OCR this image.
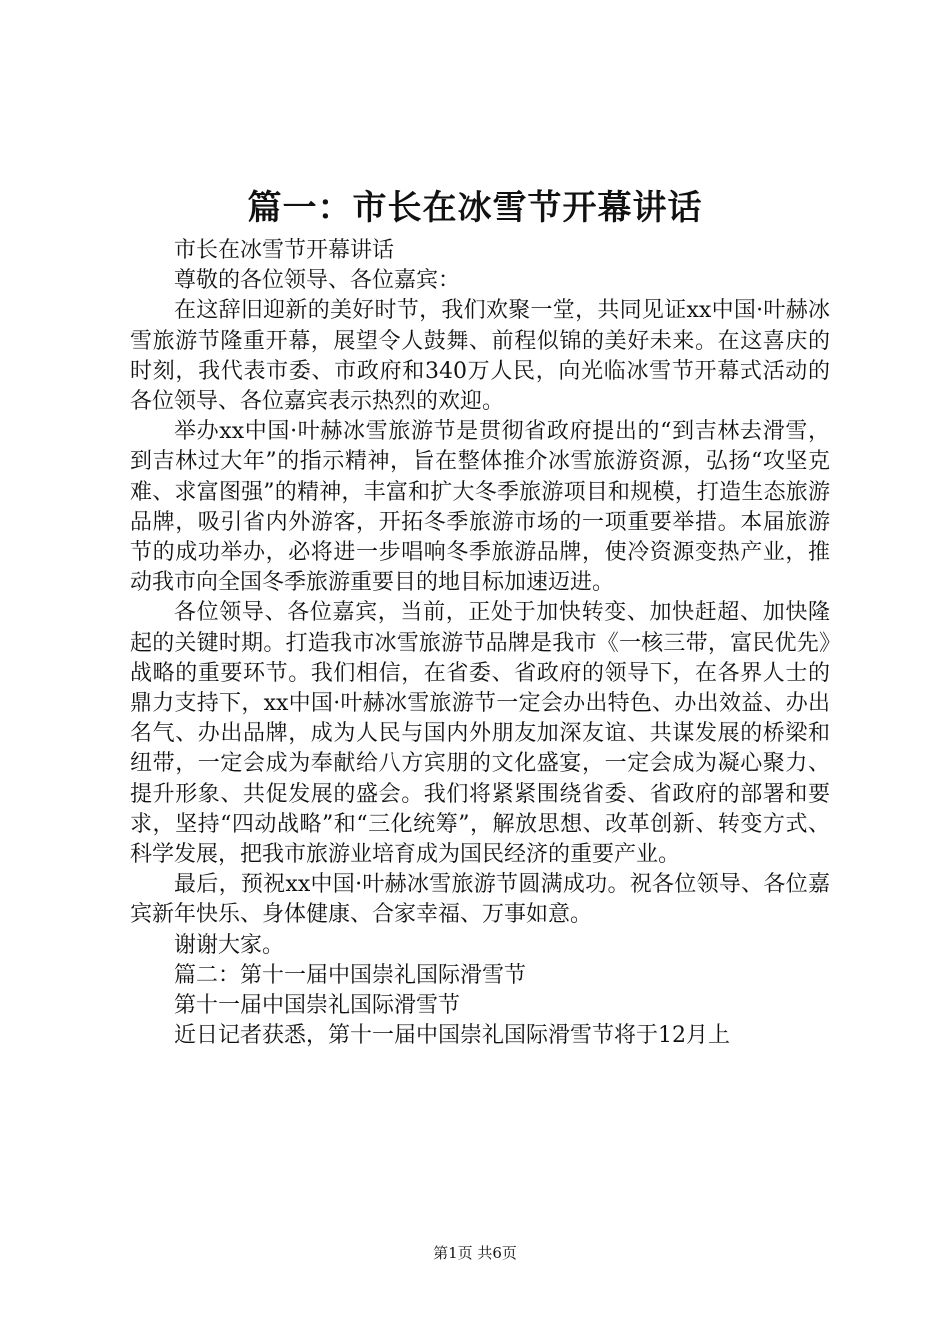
篇一：市长在冰雪节开幕讲话

市长在冰雪节开幕讲话

尊敬的各位领导、各位嘉宾：

在这辞旧迎新的美好时节，我们欢聚一堂，共同见证xx中国·叶赫冰雪旅游节隆重开幕，展望令人鼓舞、前程似锦的美好未来。在这喜庆的时刻，我代表市委、市政府和340万人民，向光临冰雪节开幕式活动的各位领导、各位嘉宾表示热烈的欢迎。

举办xx中国·叶赫冰雪旅游节是贯彻省政府提出的“到吉林去滑雪，到吉林过大年”的指示精神，旨在整体推介冰雪旅游资源，弘扬“攻坚克难、求富图强”的精神，丰富和扩大冬季旅游项目和规模，打造生态旅游品牌，吸引省内外游客，开拓冬季旅游市场的一项重要举措。本届旅游节的成功举办，必将进一步唱响冬季旅游品牌，使冷资源变热产业，推动我市向全国冬季旅游重要目的地目标加速迈进。

各位领导、各位嘉宾，当前，正处于加快转变、加快赶超、加快隆起的关键时期。打造我市冰雪旅游节品牌是我市《一核三带，富民优先》战略的重要环节。我们相信，在省委、省政府的领导下，在各界人士的鼎力支持下，xx中国·叶赫冰雪旅游节一定会办出特色、办出效益、办出名气、办出品牌，成为人民与国内外朋友加深友谊、共谋发展的桥梁和纽带，一定会成为奉献给八方宾朋的文化盛宴，一定会成为凝心聚力、提升形象、共促发展的盛会。我们将紧紧围绕省委、省政府的部署和要求，坚持“四动战略”和“三化统筹”，解放思想、改革创新、转变方式、科学发展，把我市旅游业培育成为国民经济的重要产业。

最后，预祝xx中国·叶赫冰雪旅游节圆满成功。祝各位领导、各位嘉宾新年快乐、身体健康、合家幸福、万事如意。

谢谢大家。

篇二：第十一届中国崇礼国际滑雪节

第十一届中国崇礼国际滑雪节

近日记者获悉，第十一届中国崇礼国际滑雪节将于12月上

第1页 共6页
